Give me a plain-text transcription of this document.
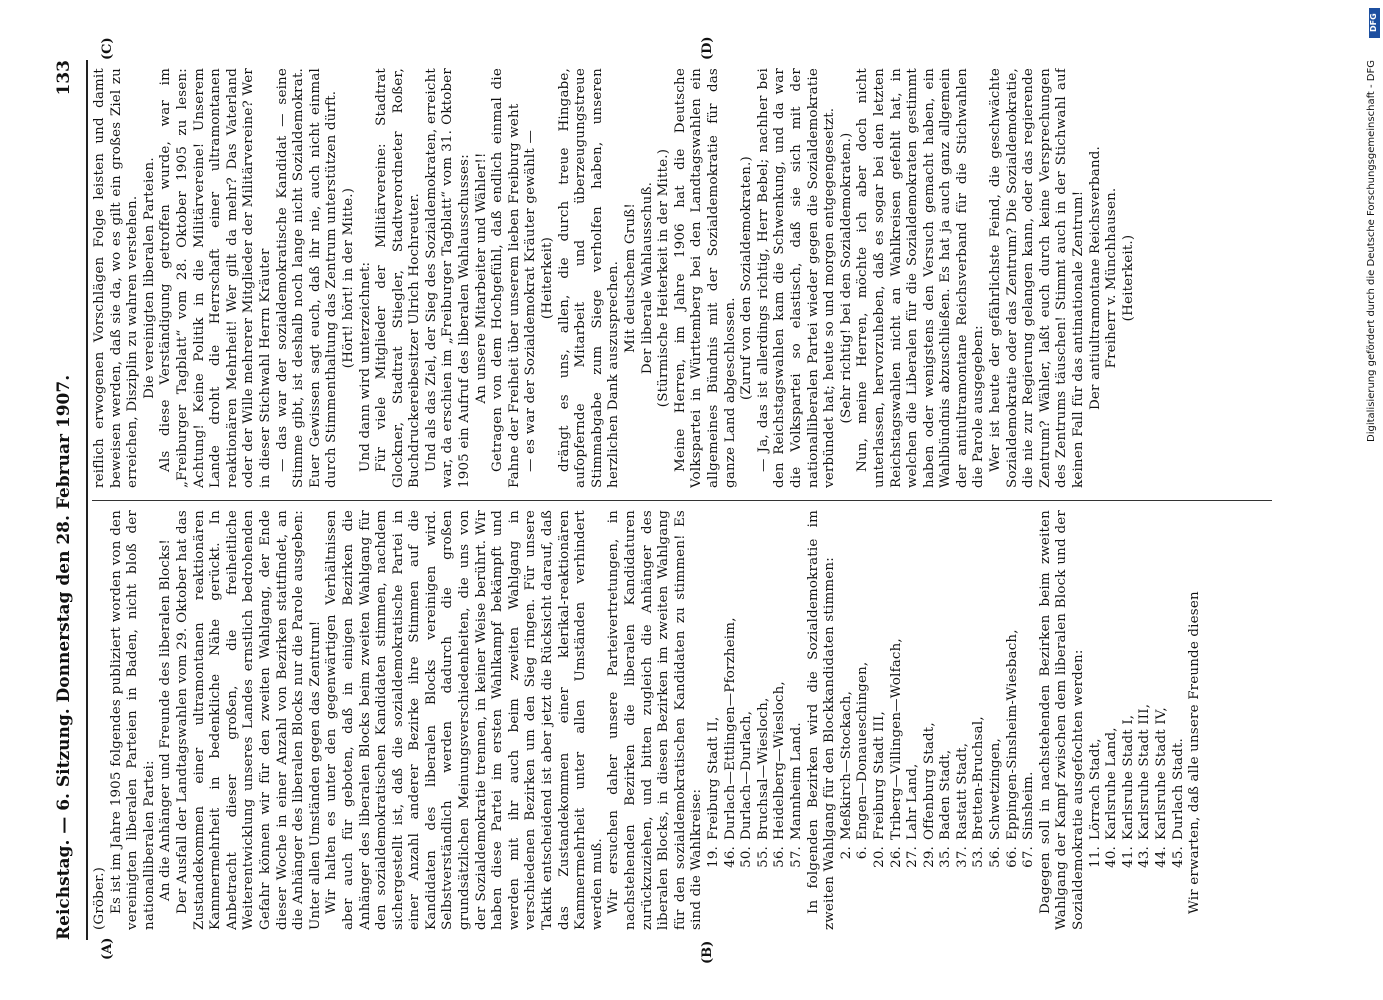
Reichstag. — 6. Sitzung. Donnerstag den 28. Februar 1907.
133
(A)	(B)
(C)	(D)

(Gröber.) Es ist im Jahre 1905 folgendes publiziert worden von den vereinigten liberalen Parteien in Baden, nicht bloß der nationalliberalen Partei: An die Anhänger und Freunde des liberalen Blocks! Der Ausfall der Landtagswahlen vom 29. Oktober hat das Zustandekommen einer ultramontanen reaktionären Kammermehrheit in bedenkliche Nähe gerückt. In Anbetracht dieser großen, die freiheitliche Weiterentwicklung unseres Landes ernstlich bedrohenden Gefahr können wir für den zweiten Wahlgang, der Ende dieser Woche in einer Anzahl von Bezirken stattfindet, an die Anhänger des liberalen Blocks nur die Parole ausgeben: Unter allen Umständen gegen das Zentrum! Wir halten es unter den gegenwärtigen Verhältnissen aber auch für geboten, daß in einigen Bezirken die Anhänger des liberalen Blocks beim zweiten Wahlgang für den sozialdemokratischen Kandidaten stimmen, nachdem sichergestellt ist, daß die sozialdemokratische Partei in einer Anzahl anderer Bezirke ihre Stimmen auf die Kandidaten des liberalen Blocks vereinigen wird. Selbstverständlich werden dadurch die großen grundsätzlichen Meinungsverschiedenheiten, die uns von der Sozialdemokratie trennen, in keiner Weise berührt. Wir haben diese Partei im ersten Wahlkampf bekämpft und werden mit ihr auch beim zweiten Wahlgang in verschiedenen Bezirken um den Sieg ringen. Für unsere Taktik entscheidend ist aber jetzt die Rücksicht darauf, daß das Zustandekommen einer klerikal-reaktionären Kammermehrheit unter allen Umständen verhindert werden muß. Wir ersuchen daher unsere Parteivertretungen, in nachstehenden Bezirken die liberalen Kandidaturen zurückzuziehen, und bitten zugleich die Anhänger des liberalen Blocks, in diesen Bezirken im zweiten Wahlgang für den sozialdemokratischen Kandidaten zu stimmen! Es sind die Wahlkreise: 19.Freiburg Stadt II,
46.Durlach—Ettlingen—Pforzheim,
50.Durlach—Durlach,
55.Bruchsal—Wiesloch,
56.Heidelberg—Wiesloch,
57.Mannheim Land. In folgenden Bezirken wird die Sozialdemokratie im zweiten Wahlgang für den Blockkandidaten stimmen: 2.Meßkirch—Stockach,
6.Engen—Donaueschingen,
20.Freiburg Stadt III,
26.Triberg—Villingen—Wolfach,
27.Lahr Land,
29.Offenburg Stadt,
35.Baden Stadt,
37.Rastatt Stadt,
53.Bretten-Bruchsal,
56.Schwetzingen,
66.Eppingen-Sinsheim-Wiesbach,
67.Sinsheim. Dagegen soll in nachstehenden Bezirken beim zweiten Wahlgang der Kampf zwischen dem liberalen Block und der Sozialdemokratie ausgefochten werden: 11.Lörrach Stadt,
40.Karlsruhe Land,
41.Karlsruhe Stadt I,
43.Karlsruhe Stadt III,
44.Karlsruhe Stadt IV,
45.Durlach Stadt. Wir erwarten, daß alle unsere Freunde diesen

reiflich erwogenen Vorschlägen Folge leisten und damit beweisen werden, daß sie da, wo es gilt ein großes Ziel zu erreichen, Disziplin zu wahren verstehen. Die vereinigten liberalen Parteien. Als diese Verständigung getroffen wurde, war im „Freiburger Tagblatt“ vom 28. Oktober 1905 zu lesen: Achtung! Keine Politik in die Militärvereine! Unserem Lande droht die Herrschaft einer ultramontanen reaktionären Mehrheit! Wer gilt da mehr? Das Vaterland oder der Wille mehrerer Mitglieder der Militärvereine? Wer in dieser Stichwahl Herrn Kräuter — das war der sozialdemokratische Kandidat — seine Stimme gibt, ist deshalb noch lange nicht Sozialdemokrat. Euer Gewissen sagt euch, daß ihr nie, auch nicht einmal durch Stimmenthaltung das Zentrum unterstützen dürft. (Hört! hört! in der Mitte.) Und dann wird unterzeichnet: Für viele Mitglieder der Militärvereine: Stadtrat Glockner, Stadtrat Stiegler, Stadtverordneter Roßer, Buchdruckereibesitzer Ulrich Hochreuter. Und als das Ziel, der Sieg des Sozialdemokraten, erreicht war, da erschien im „Freiburger Tagblatt“ vom 31. Oktober 1905 ein Aufruf des liberalen Wahlausschusses: An unsere Mitarbeiter und Wähler!! Getragen von dem Hochgefühl, daß endlich einmal die Fahne der Freiheit über unserem lieben Freiburg weht — es war der Sozialdemokrat Kräuter gewählt — (Heiterkeit) drängt es uns, allen, die durch treue Hingabe, aufopfernde Mitarbeit und überzeugungstreue Stimmabgabe zum Siege verholfen haben, unseren herzlichen Dank auszusprechen. Mit deutschem Gruß! Der liberale Wahlausschuß. (Stürmische Heiterkeit in der Mitte.) Meine Herren, im Jahre 1906 hat die Deutsche Volkspartei in Württemberg bei den Landtagswahlen ein allgemeines Bündnis mit der Sozialdemokratie für das ganze Land abgeschlossen. (Zuruf von den Sozialdemokraten.) — Ja, das ist allerdings richtig, Herr Bebel; nachher bei den Reichstagswahlen kam die Schwenkung, und da war die Volkspartei so elastisch, daß sie sich mit der nationalliberalen Partei wieder gegen die Sozialdemokratie verbündet hat; heute so und morgen entgegengesetzt. (Sehr richtig! bei den Sozialdemokraten.) Nun, meine Herren, möchte ich aber doch nicht unterlassen, hervorzuheben, daß es sogar bei den letzten Reichstagswahlen nicht an Wahlkreisen gefehlt hat, in welchen die Liberalen für die Sozialdemokraten gestimmt haben oder wenigstens den Versuch gemacht haben, ein Wahlbündnis abzuschließen. Es hat ja auch ganz allgemein der antiultramontane Reichsverband für die Stichwahlen die Parole ausgegeben: Wer ist heute der gefährlichste Feind, die geschwächte Sozialdemokratie oder das Zentrum? Die Sozialdemokratie, die nie zur Regierung gelangen kann, oder das regierende Zentrum? Wähler, laßt euch durch keine Versprechungen des Zentrums täuschen! Stimmt auch in der Stichwahl auf keinen Fall für das antinationale Zentrum! Der antiultramontane Reichsverband. Freiherr v. Münchhausen. (Heiterkeit.)

DFG
Digitalisierung gefördert durch die Deutsche Forschungsgemeinschaft - DFG
